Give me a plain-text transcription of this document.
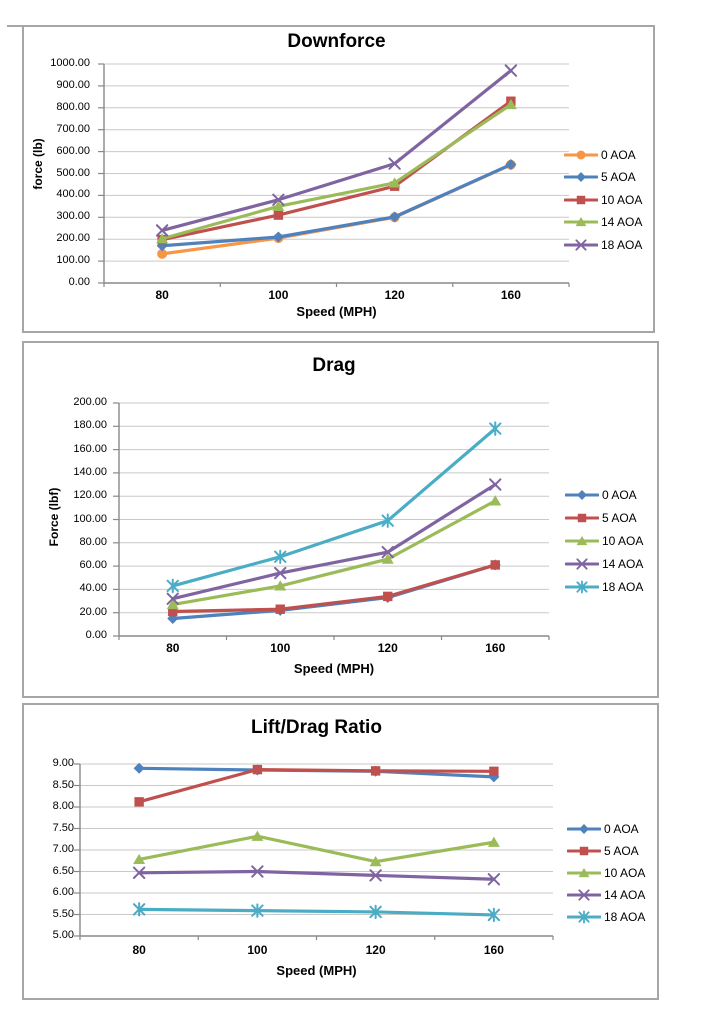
Downforce
force (lb)
Speed (MPH)
0 AOA
5 AOA
10 AOA
14 AOA
18 AOA
1000.00
900.00
800.00
700.00
600.00
500.00
400.00
300.00
200.00
100.00
0.00
80	100	120	160
Drag
Force (lbf)
Speed (MPH)
0 AOA
5 AOA
10 AOA
14 AOA
18 AOA
200.00
180.00
160.00
140.00
120.00
100.00
80.00
60.00
40.00
20.00
0.00
80	100	120	160
Lift/Drag Ratio
Speed (MPH)
0 AOA
5 AOA
10 AOA
14 AOA
18 AOA
9.00
8.50
8.00
7.50
7.00
6.50
6.00
5.50
5.00
80	100	120	160
